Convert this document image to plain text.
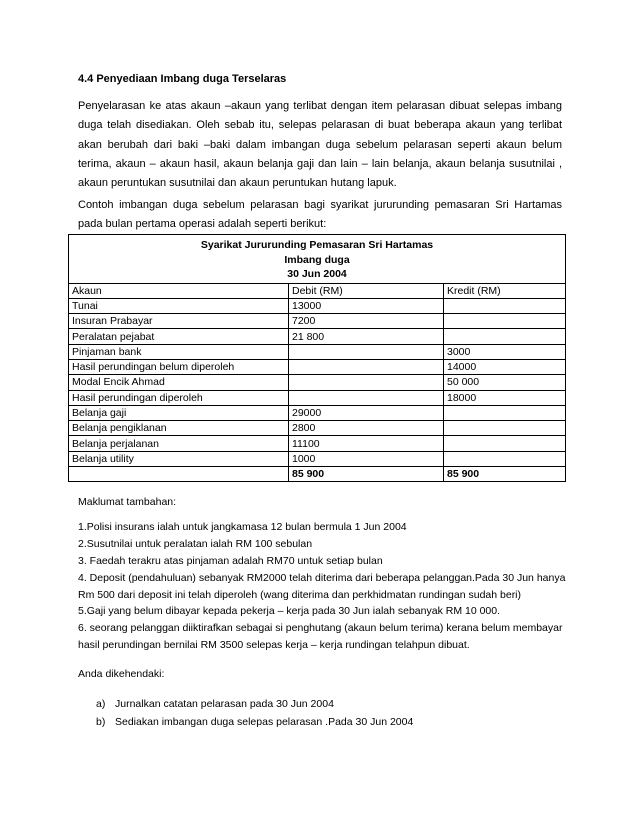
4.4 Penyediaan Imbang duga Terselaras
Penyelarasan ke atas akaun –akaun yang terlibat dengan item pelarasan dibuat selepas imbang duga telah disediakan. Oleh sebab itu, selepas pelarasan di buat beberapa akaun yang terlibat akan berubah dari baki –baki dalam imbangan duga sebelum pelarasan seperti akaun belum terima, akaun – akaun hasil, akaun belanja gaji dan lain – lain belanja, akaun belanja susutnilai , akaun peruntukan susutnilai dan akaun peruntukan hutang lapuk.
Contoh imbangan duga sebelum pelarasan bagi syarikat jururunding pemasaran Sri Hartamas pada bulan pertama operasi adalah seperti berikut:
Syarikat Jururunding Pemasaran Sri Hartamas
Imbang duga
30 Jun 2004		

Akaun	Debit (RM)	Kredit (RM)
Tunai	13000	
Insuran Prabayar	7200	
Peralatan pejabat	21 800	
Pinjaman bank		3000
Hasil perundingan belum diperoleh		14000
Modal Encik Ahmad		50 000
Hasil perundingan diperoleh		18000
Belanja gaji	29000	
Belanja pengiklanan	2800	
Belanja perjalanan	11100	
Belanja utility	1000	
	85 900	85 900
Maklumat tambahan:
1.Polisi insurans ialah untuk jangkamasa 12 bulan bermula 1 Jun 2004
2.Susutnilai untuk peralatan ialah RM 100 sebulan
3. Faedah terakru atas pinjaman adalah RM70 untuk setiap bulan
4. Deposit (pendahuluan) sebanyak RM2000 telah diterima dari beberapa pelanggan.Pada 30 Jun hanya
Rm 500 dari deposit ini telah diperoleh (wang diterima dan perkhidmatan rundingan sudah beri)
5.Gaji yang belum dibayar kepada pekerja – kerja pada 30 Jun ialah sebanyak RM 10 000.
6. seorang pelanggan diiktirafkan sebagai si penghutang (akaun belum terima) kerana belum membayar
hasil perundingan bernilai RM 3500 selepas kerja – kerja rundingan telahpun dibuat.
Anda dikehendaki:
a) Jurnalkan catatan pelarasan pada 30 Jun 2004
b) Sediakan imbangan duga selepas pelarasan .Pada 30 Jun 2004
